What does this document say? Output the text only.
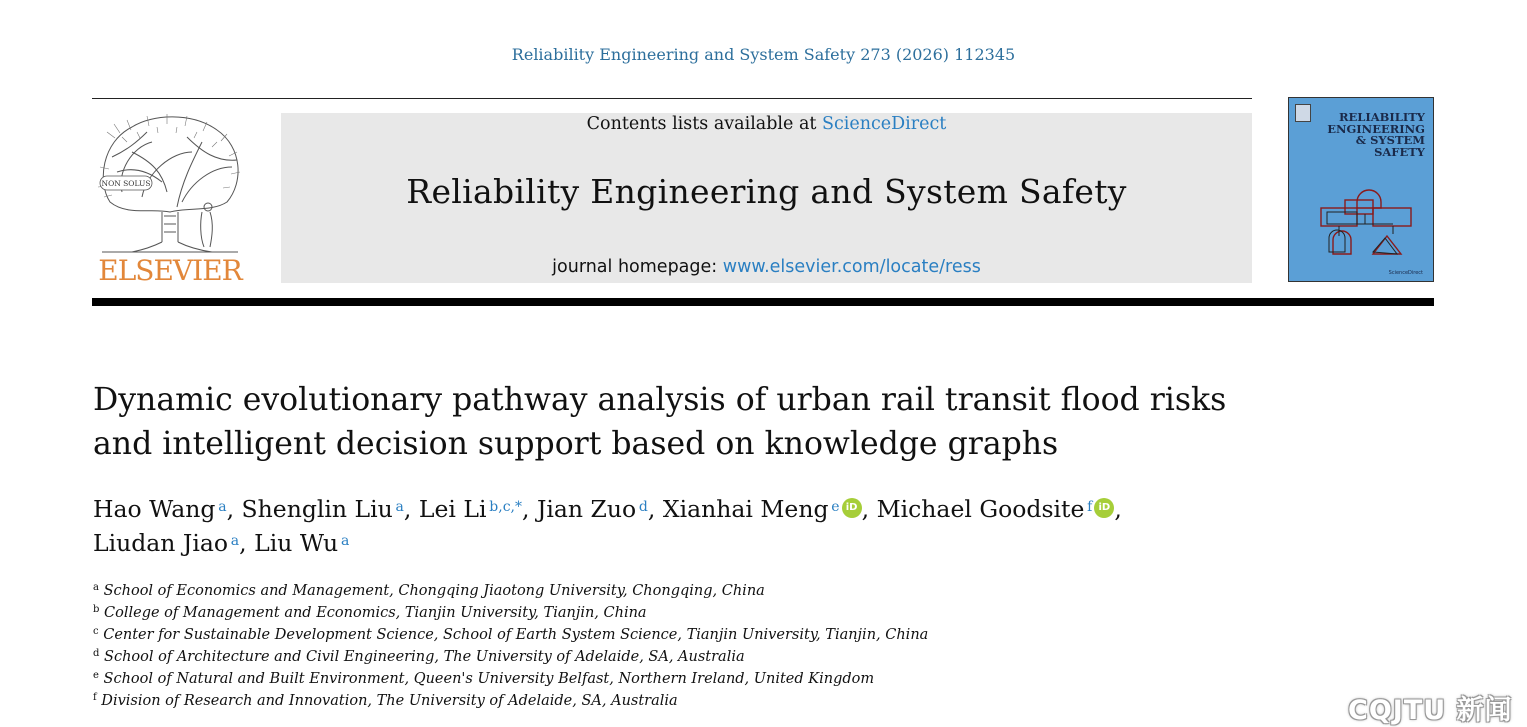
Reliability Engineering and System Safety 273 (2026) 112345
NON SOLUS
ELSEVIER
Contents lists available at ScienceDirect
Reliability Engineering and System Safety
journal homepage: www.elsevier.com/locate/ress
RELIABILITY
ENGINEERING
& SYSTEM
SAFETY
ScienceDirect
Dynamic evolutionary pathway analysis of urban rail transit flood risks and intelligent decision support based on knowledge graphs
Hao Wang $^a$, Shenglin Liu $^a$, Lei Li $^{b,c,*}$, Jian Zuo $^d$, Xianhai Meng $^e$ iD , Michael Goodsite $^f$ iD ,
Liudan Jiao $^a$, Liu Wu $^a$
$^a$ School of Economics and Management, Chongqing Jiaotong University, Chongqing, China
$^b$ College of Management and Economics, Tianjin University, Tianjin, China
$^c$ Center for Sustainable Development Science, School of Earth System Science, Tianjin University, Tianjin, China
$^d$ School of Architecture and Civil Engineering, The University of Adelaide, SA, Australia
$^e$ School of Natural and Built Environment, Queen's University Belfast, Northern Ireland, United Kingdom
$^f$ Division of Research and Innovation, The University of Adelaide, SA, Australia	CQJTU 新闻
